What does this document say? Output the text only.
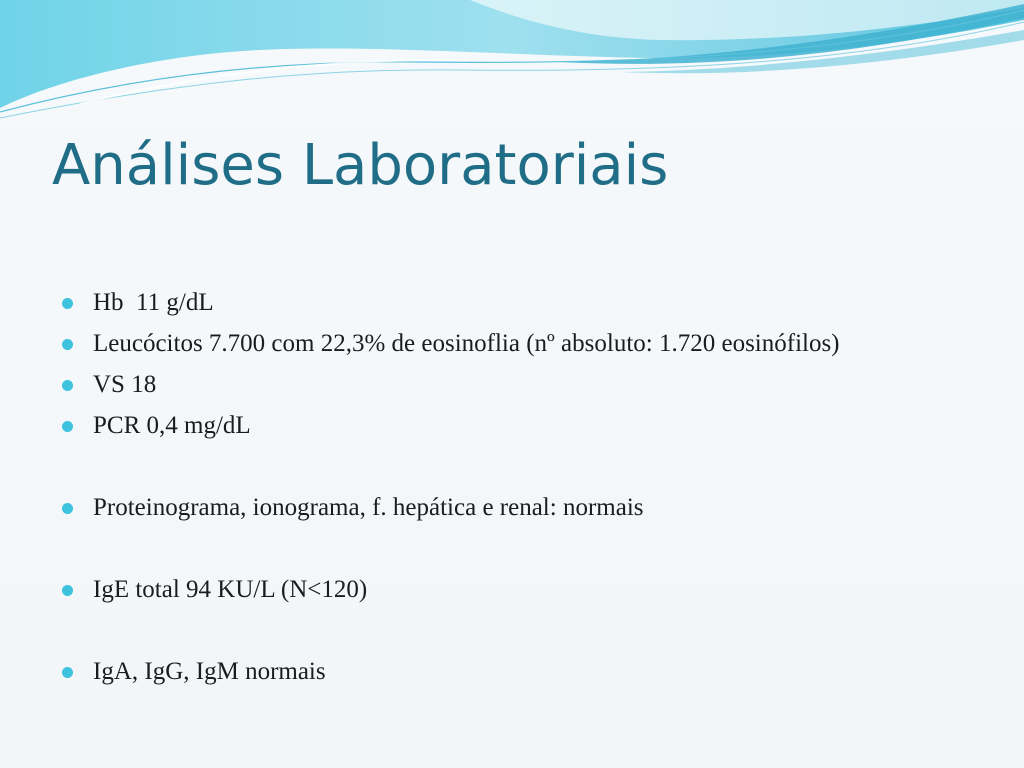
Análises Laboratoriais
Hb  11 g/dL
Leucócitos 7.700 com 22,3% de eosinoflia (nº absoluto: 1.720 eosinófilos)
VS 18
PCR 0,4 mg/dL
Proteinograma, ionograma, f. hepática e renal: normais
IgE total 94 KU/L (N<120)
IgA, IgG, IgM normais
